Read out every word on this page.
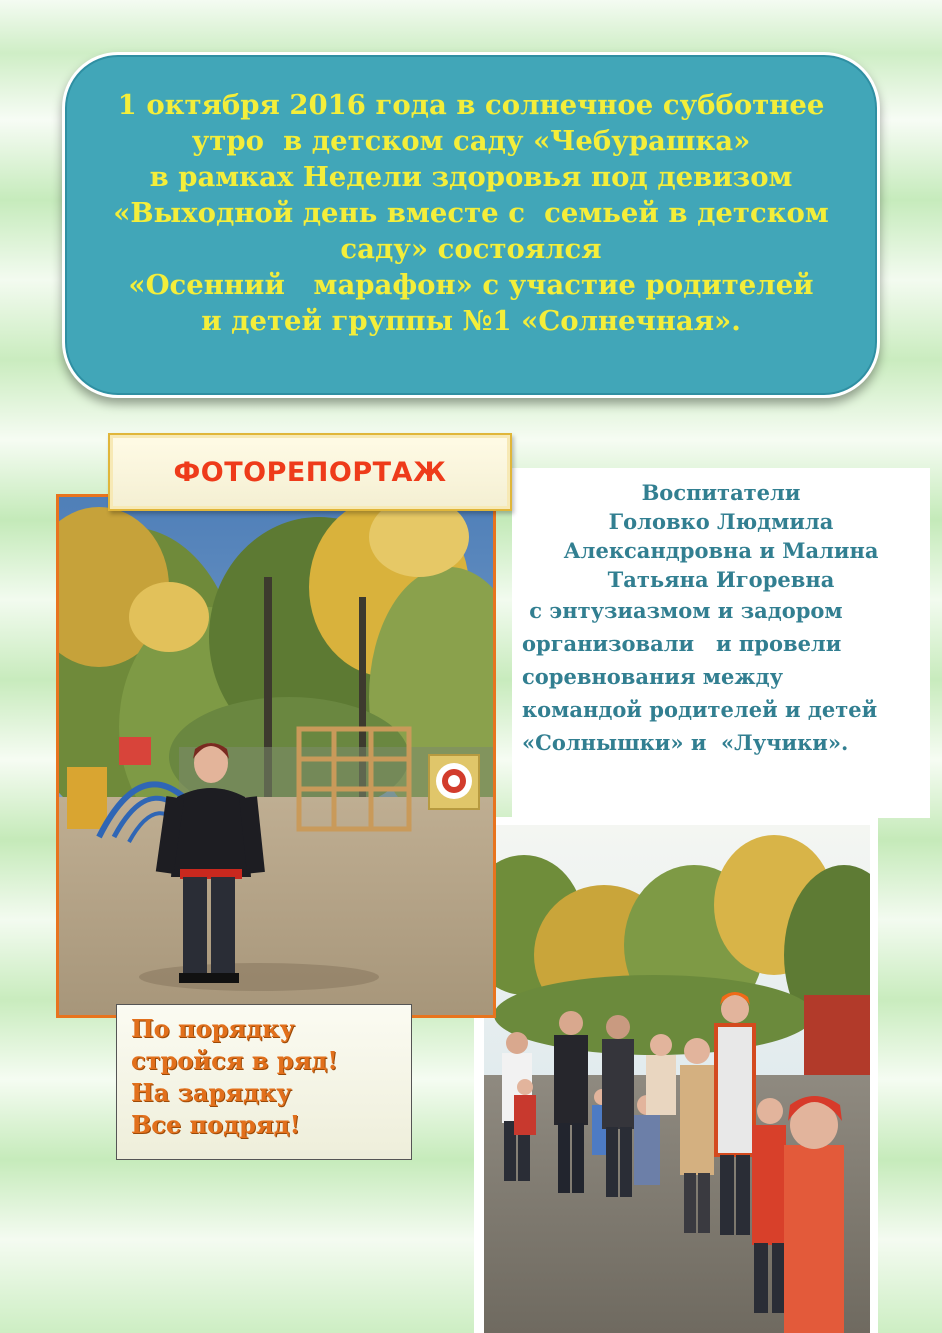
1 октября 2016 года в солнечное субботнее
утро  в детском саду «Чебурашка»
в рамках Недели здоровья под девизом
«Выходной день вместе с  семьей в детском
саду» состоялся
«Осенний   марафон» с участие родителей
и детей группы №1 «Солнечная».
ФОТОРЕПОРТАЖ
Воспитатели
Головко Людмила
Александровна и Малина
Татьяна Игоревна
с энтузиазмом и задором
организовали   и провели
соревнования между
командой родителей и детей
«Солнышки» и  «Лучики».
По порядку
стройся в ряд!
На зарядку
Все подряд!
